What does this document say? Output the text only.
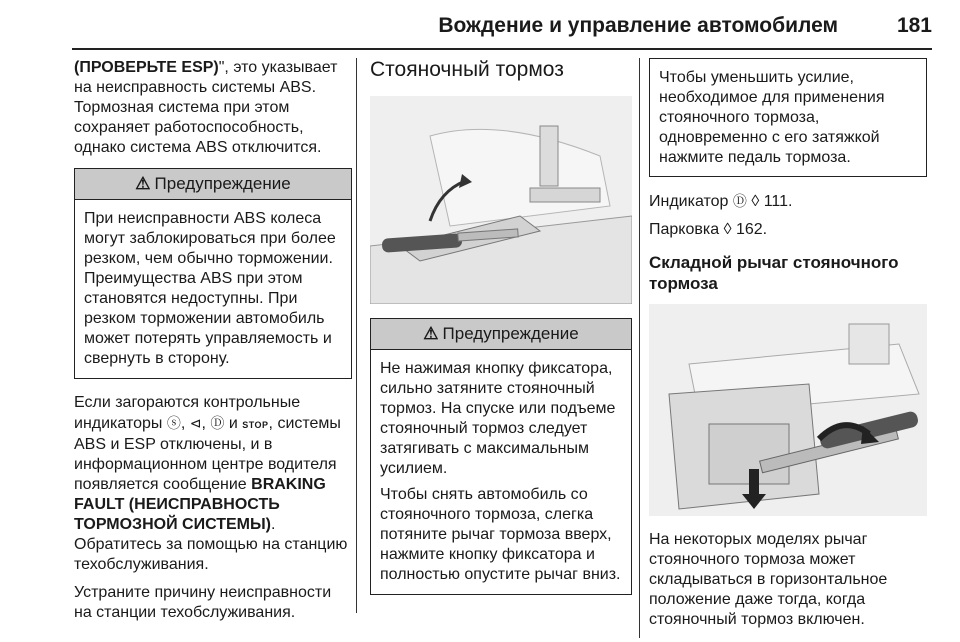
Вождение и управление автомобилем	181

(ПРОВЕРЬТЕ ESP)", это указывает на неисправность системы ABS. Тормозная система при этом сохраняет работоспособность, однако система ABS отключится.

⚠ Предупреждение

При неисправности ABS колеса могут заблокироваться при более резком, чем обычно торможении. Преимущества ABS при этом становятся недоступны. При резком торможении автомобиль может потерять управляемость и свернуть в сторону.

Если загораются контрольные индикаторы ⓢ, ⊲, Ⓓ и STOP, системы ABS и ESP отключены, и в информационном центре водителя появляется сообщение BRAKING FAULT (НЕИСПРАВНОСТЬ ТОРМОЗНОЙ СИСТЕМЫ). Обратитесь за помощью на станцию техобслуживания.

Устраните причину неисправности на станции техобслуживания.

Стояночный тормоз
⚠ Предупреждение

Не нажимая кнопку фиксатора, сильно затяните стояночный тормоз. На спуске или подъеме стояночный тормоз следует затягивать с максимальным усилием.

Чтобы снять автомобиль со стояночного тормоза, слегка потяните рычаг тормоза вверх, нажмите кнопку фиксатора и полностью опустите рычаг вниз.

Чтобы уменьшить усилие, необходимое для применения стояночного тормоза, одновременно с его затяжкой нажмите педаль тормоза.

Индикатор Ⓓ ◊ 111.

Парковка ◊ 162.

Складной рычаг стояночного тормоза

На некоторых моделях рычаг стояночного тормоза может складываться в горизонтальное положение даже тогда, когда стояночный тормоз включен.
